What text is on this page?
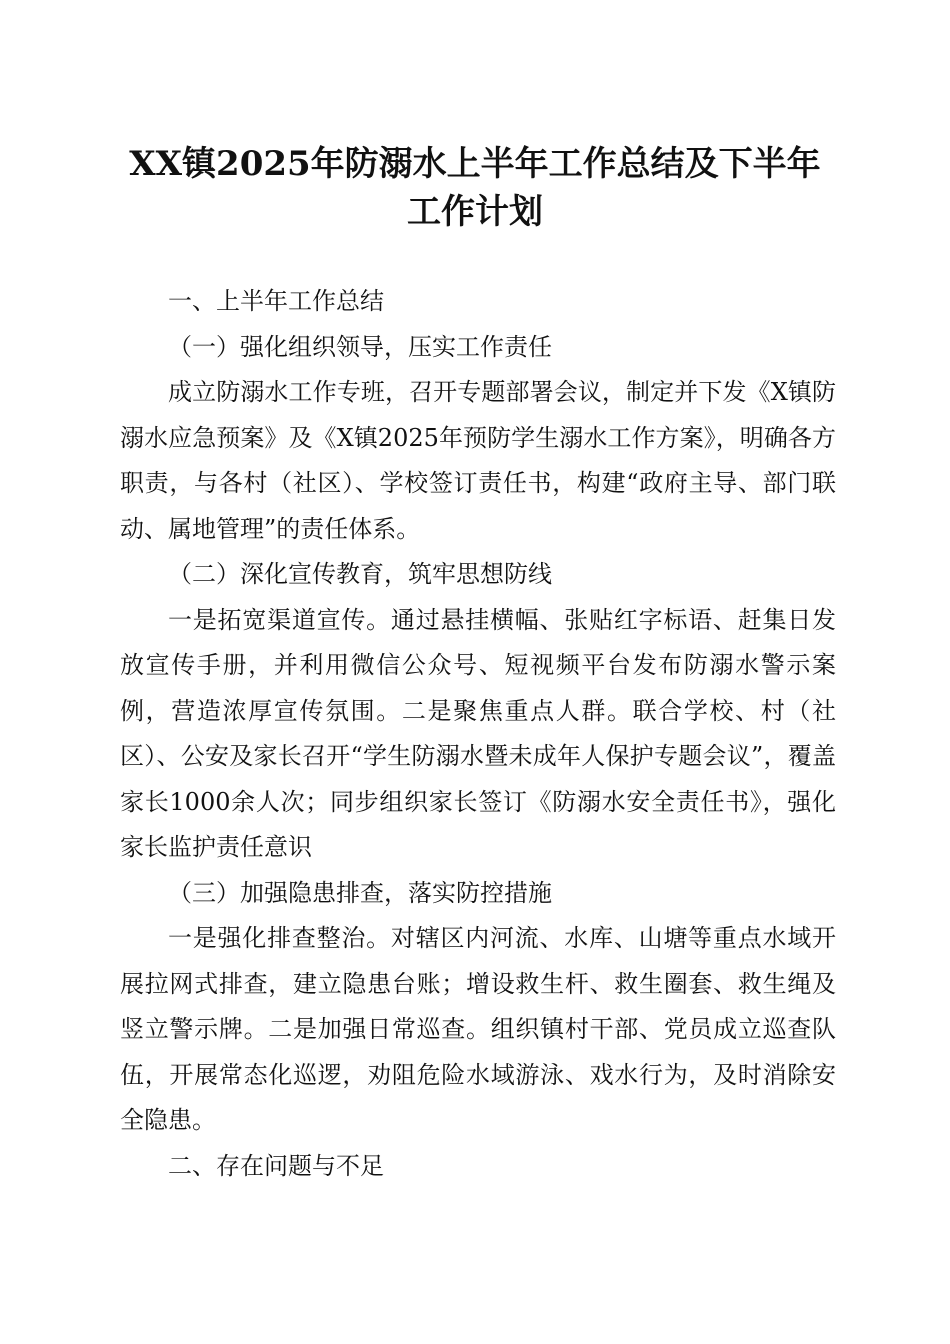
XX镇2025年防溺水上半年工作总结及下半年
工作计划

一、上半年工作总结

（一）强化组织领导，压实工作责任

成立防溺水工作专班，召开专题部署会议，制定并下发《X镇防溺水应急预案》及《X镇2025年预防学生溺水工作方案》，明确各方职责，与各村（社区）、学校签订责任书，构建“政府主导、部门联动、属地管理”的责任体系。

（二）深化宣传教育，筑牢思想防线

一是拓宽渠道宣传。通过悬挂横幅、张贴红字标语、赶集日发放宣传手册，并利用微信公众号、短视频平台发布防溺水警示案例，营造浓厚宣传氛围。二是聚焦重点人群。联合学校、村（社区）、公安及家长召开“学生防溺水暨未成年人保护专题会议”，覆盖家长1000余人次；同步组织家长签订《防溺水安全责任书》，强化家长监护责任意识

（三）加强隐患排查，落实防控措施

一是强化排查整治。对辖区内河流、水库、山塘等重点水域开展拉网式排查，建立隐患台账；增设救生杆、救生圈套、救生绳及竖立警示牌。二是加强日常巡查。组织镇村干部、党员成立巡查队伍，开展常态化巡逻，劝阻危险水域游泳、戏水行为，及时消除安全隐患。

二、存在问题与不足
